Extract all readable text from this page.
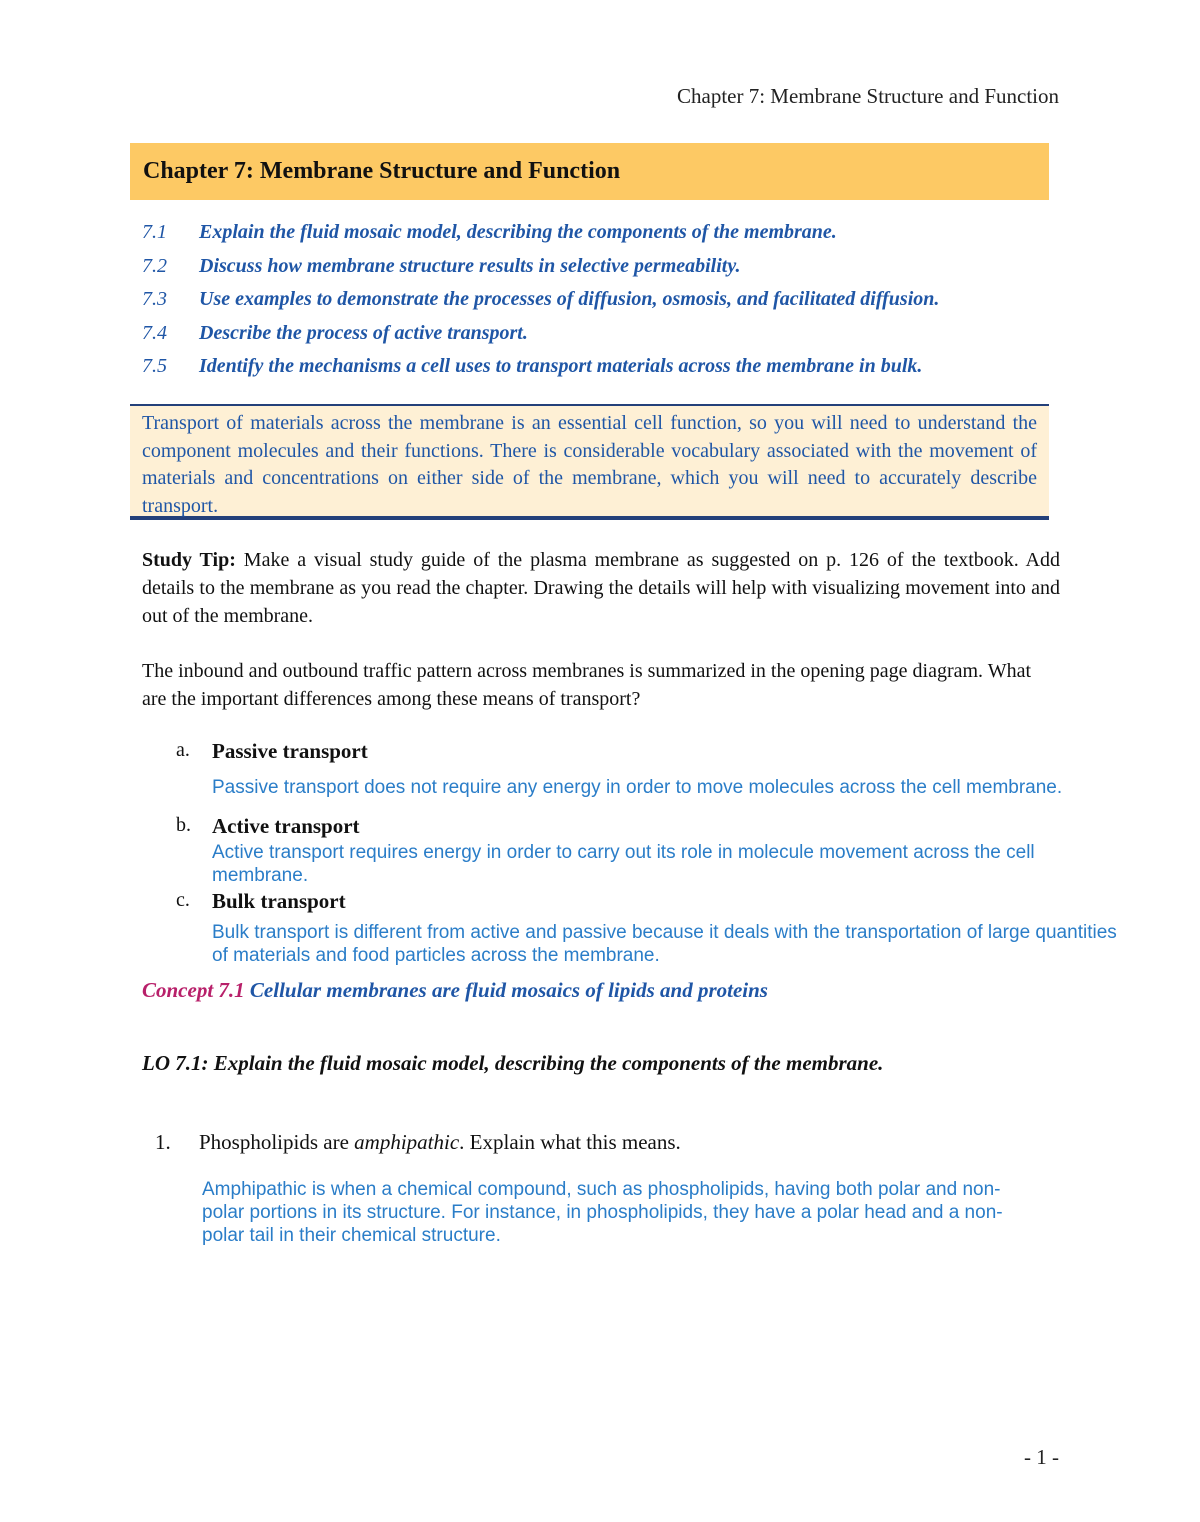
Chapter 7: Membrane Structure and Function
Chapter 7: Membrane Structure and Function
7.1	Explain the fluid mosaic model, describing the components of the membrane.
7.2	Discuss how membrane structure results in selective permeability.
7.3	Use examples to demonstrate the processes of diffusion, osmosis, and facilitated diffusion.
7.4	Describe the process of active transport.
7.5	Identify the mechanisms a cell uses to transport materials across the membrane in bulk.

Transport of materials across the membrane is an essential cell function, so you will need to understand the component molecules and their functions. There is considerable vocabulary associated with the movement of materials and concentrations on either side of the membrane, which you will need to accurately describe transport.

Study Tip: Make a visual study guide of the plasma membrane as suggested on p. 126 of the textbook. Add details to the membrane as you read the chapter. Drawing the details will help with visualizing movement into and out of the membrane.

The inbound and outbound traffic pattern across membranes is summarized in the opening page diagram. What are the important differences among these means of transport?

a. Passive transport

Passive transport does not require any energy in order to move molecules across the cell membrane.

b. Active transport

Active transport requires energy in order to carry out its role in molecule movement across the cell membrane.

c. Bulk transport

Bulk transport is different from active and passive because it deals with the transportation of large quantities of materials and food particles across the membrane.

Concept 7.1 Cellular membranes are fluid mosaics of lipids and proteins
LO 7.1: Explain the fluid mosaic model, describing the components of the membrane.
1. Phospholipids are amphipathic. Explain what this means.

Amphipathic is when a chemical compound, such as phospholipids, having both polar and non-polar portions in its structure. For instance, in phospholipids, they have a polar head and a non-polar tail in their chemical structure.

- 1 -
